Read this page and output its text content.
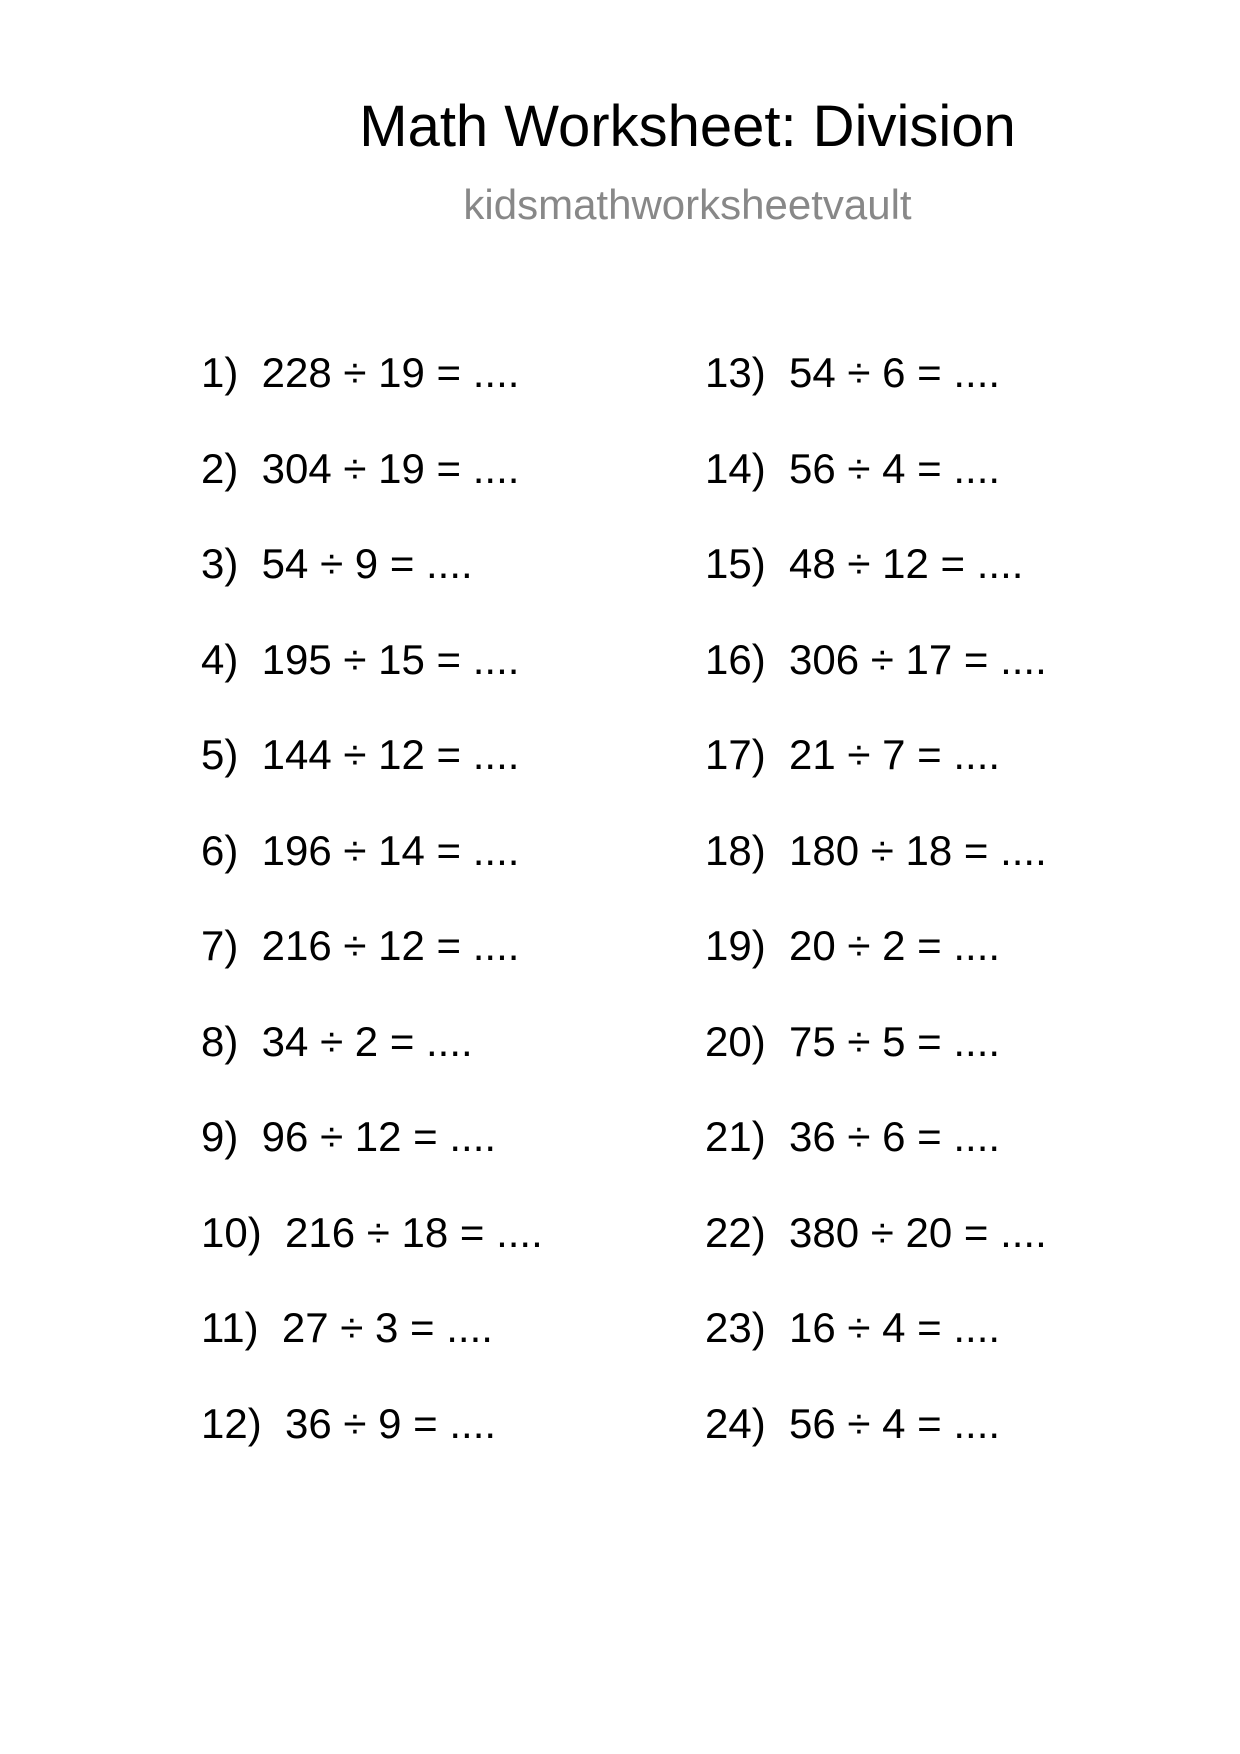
Math Worksheet: Division
kidsmathworksheetvault
1)  228 ÷ 19 = ....
2)  304 ÷ 19 = ....
3)  54 ÷ 9 = ....
4)  195 ÷ 15 = ....
5)  144 ÷ 12 = ....
6)  196 ÷ 14 = ....
7)  216 ÷ 12 = ....
8)  34 ÷ 2 = ....
9)  96 ÷ 12 = ....
10)  216 ÷ 18 = ....
11)  27 ÷ 3 = ....
12)  36 ÷ 9 = ....
13)  54 ÷ 6 = ....
14)  56 ÷ 4 = ....
15)  48 ÷ 12 = ....
16)  306 ÷ 17 = ....
17)  21 ÷ 7 = ....
18)  180 ÷ 18 = ....
19)  20 ÷ 2 = ....
20)  75 ÷ 5 = ....
21)  36 ÷ 6 = ....
22)  380 ÷ 20 = ....
23)  16 ÷ 4 = ....
24)  56 ÷ 4 = ....
